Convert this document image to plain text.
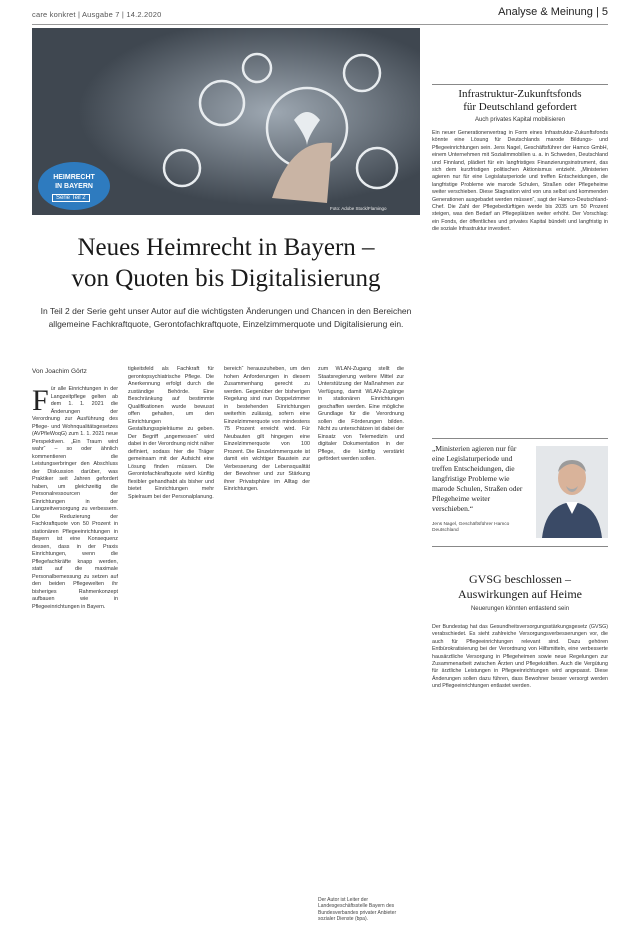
care konkret | Ausgabe 7 | 14.2.2020	Analyse & Meinung | 5
HEIMRECHT
IN BAYERN
Serie Teil 2
Foto: Adobe Stock/Flamingo
Neues Heimrecht in Bayern –
von Quoten bis Digitalisierung
In Teil 2 der Serie geht unser Autor auf die wichtigsten Änderungen und Chancen in den Bereichen allgemeine Fachkraftquote, Gerontofachkraftquote, Einzelzimmerquote und Digitalisierung ein.
Von Joachim Görtz
F ür alle Einrichtungen in der Langzeitpflege gelten ab dem 1. 1. 2021 die Änderungen der Verordnung zur Ausführung des Pflege- und Wohnqualitätsgesetzes (AVPfleWoqG) zum 1. 1. 2021 neue Perspektiven. „Ein Traum wird wahr“ – so oder ähnlich kommentieren die Leistungserbringer den Abschluss der Diskussion darüber, was Praktiker seit Jahren gefordert haben, um gleichzeitig die Personalressourcen der Einrichtungen in der Langzeitversorgung zu verbessern. Die Reduzierung der Fachkraftquote von 50 Prozent in stationären Pflegeeinrichtungen in Bayern ist eine Konsequenz dessen, dass in der Praxis Einrichtungen, wenn die Pflegefachkräfte knapp werden, statt auf die maximale Personalbemessung zu setzen auf den beiden Pflegewelten ihr bisheriges Rahmenkonzept aufbauen wie in Pflegeeinrichtungen in Bayern.

tigkeitsfeld als Fachkraft für gerontopsychiatrische Pflege. Die Anerkennung erfolgt durch die zuständige Behörde. Eine Beschränkung auf bestimmte Qualifikationen wurde bewusst offen gehalten, um den Einrichtungen Gestaltungsspielräume zu geben. Der Begriff „angemessen“ wird dabei in der Verordnung nicht näher definiert, sodass hier die Träger gemeinsam mit der Aufsicht eine Lösung finden müssen. Die Gerontofachkraftquote wird künftig flexibler gehandhabt als bisher und bietet Einrichtungen mehr Spielraum bei der Personalplanung.

bereich“ herauszuheben, um den hohen Anforderungen in diesem Zusammenhang gerecht zu werden. Gegenüber der bisherigen Regelung sind nun Doppelzimmer in bestehenden Einrichtungen weiterhin zulässig, sofern eine Einzelzimmerquote von mindestens 75 Prozent erreicht wird. Für Neubauten gilt hingegen eine Einzelzimmerquote von 100 Prozent. Die Einzelzimmerquote ist damit ein wichtiger Baustein zur Verbesserung der Lebensqualität der Bewohner und zur Stärkung ihrer Privatsphäre im Alltag der Einrichtungen.

zum WLAN-Zugang stellt die Staatsregierung weitere Mittel zur Unterstützung der Maßnahmen zur Verfügung, damit WLAN-Zugänge in stationären Einrichtungen geschaffen werden. Eine mögliche Grundlage für die Verordnung sollen die Förderungen bilden. Nicht zu unterschätzen ist dabei der Einsatz von Telemedizin und digitaler Dokumentation in der Pflege, die künftig verstärkt gefördert werden sollen.

Der Autor ist Leiter der Landesgeschäftsstelle Bayern des Bundesverbandes privater Anbieter sozialer Dienste (bpa).
Infrastruktur-Zukunftsfonds
für Deutschland gefordert
Auch privates Kapital mobilisieren

Ein neuer Generationenvertrag in Form eines Infrastruktur-Zukunftsfonds könnte eine Lösung für Deutschlands marode Bildungs- und Pflegeeinrichtungen sein. Jens Nagel, Geschäftsführer der Hamco GmbH, einem Unternehmen mit Sozialimmobilien u. a. in Schweden, Deutschland und Finnland, plädiert für ein langfristiges Finanzierungsinstrument, das sich dem kurzfristigen politischen Aktionismus entzieht. „Ministerien agieren nur für eine Legislaturperiode und treffen Entscheidungen, die langfristige Probleme wie marode Schulen, Straßen oder Pflegeheime weiter verschieben. Diese Stagnation wird von uns selbst und kommenden Generationen ausgebadet werden müssen“, sagt der Hamco-Deutschland-Chef. Die Zahl der Pflegebedürftigen werde bis 2035 um 50 Prozent steigen, was den Bedarf an Pflegeplätzen weiter erhöht. Der Vorschlag: ein Fonds, der öffentliches und privates Kapital bündelt und langfristig in die soziale Infrastruktur investiert.

„Ministerien agieren nur für eine Legislaturperiode und treffen Entscheidungen, die langfristige Probleme wie marode Schulen, Straßen oder Pflegeheime weiter verschieben.“
Jens Nagel, Geschäftsführer Hamco Deutschland
GVSG beschlossen –
Auswirkungen auf Heime
Neuerungen könnten entlastend sein

Der Bundestag hat das Gesundheitsversorgungsstärkungsgesetz (GVSG) verabschiedet. Es sieht zahlreiche Versorgungsverbesserungen vor, die auch für Pflegeeinrichtungen relevant sind. Dazu gehören Entbürokratisierung bei der Verordnung von Hilfsmitteln, eine verbesserte hausärztliche Versorgung in Pflegeheimen sowie neue Regelungen zur Zusammenarbeit zwischen Ärzten und Pflegekräften. Auch die Vergütung für ärztliche Leistungen in Pflegeeinrichtungen wird angepasst. Diese Änderungen sollen dazu führen, dass Bewohner besser versorgt werden und Pflegeeinrichtungen entlastet werden.
